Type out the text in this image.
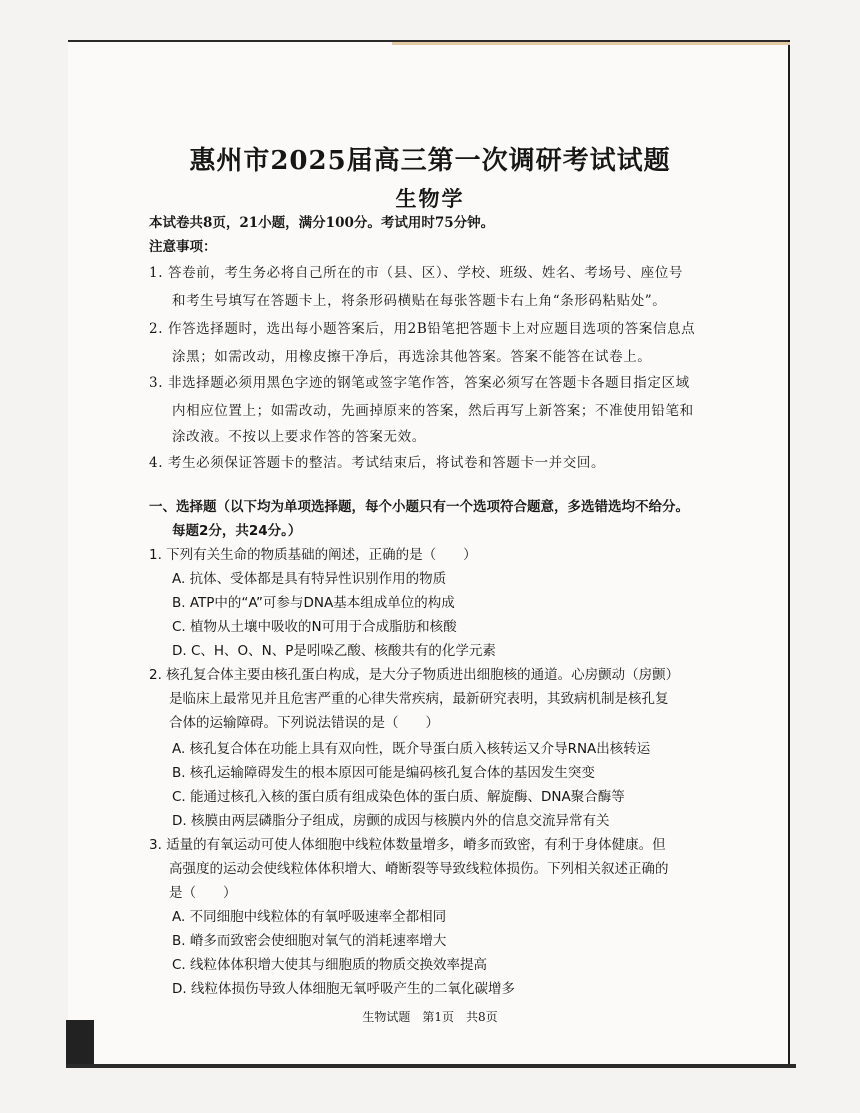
惠州市2025届高三第一次调研考试试题
生物学
本试卷共8页，21小题，满分100分。考试用时75分钟。
注意事项：
1. 答卷前，考生务必将自己所在的市（县、区）、学校、班级、姓名、考场号、座位号
和考生号填写在答题卡上，将条形码横贴在每张答题卡右上角“条形码粘贴处”。
2. 作答选择题时，选出每小题答案后，用2B铅笔把答题卡上对应题目选项的答案信息点
涂黑；如需改动，用橡皮擦干净后，再选涂其他答案。答案不能答在试卷上。
3. 非选择题必须用黑色字迹的钢笔或签字笔作答，答案必须写在答题卡各题目指定区域
内相应位置上；如需改动，先画掉原来的答案，然后再写上新答案；不准使用铅笔和
涂改液。不按以上要求作答的答案无效。
4. 考生必须保证答题卡的整洁。考试结束后，将试卷和答题卡一并交回。
一、选择题（以下均为单项选择题，每个小题只有一个选项符合题意，多选错选均不给分。
每题2分，共24分。）
1. 下列有关生命的物质基础的阐述，正确的是（　　）
A. 抗体、受体都是具有特异性识别作用的物质
B. ATP中的“A”可参与DNA基本组成单位的构成
C. 植物从土壤中吸收的N可用于合成脂肪和核酸
D. C、H、O、N、P是吲哚乙酸、核酸共有的化学元素
2. 核孔复合体主要由核孔蛋白构成，是大分子物质进出细胞核的通道。心房颤动（房颤）
是临床上最常见并且危害严重的心律失常疾病，最新研究表明，其致病机制是核孔复
合体的运输障碍。下列说法错误的是（　　）
A. 核孔复合体在功能上具有双向性，既介导蛋白质入核转运又介导RNA出核转运
B. 核孔运输障碍发生的根本原因可能是编码核孔复合体的基因发生突变
C. 能通过核孔入核的蛋白质有组成染色体的蛋白质、解旋酶、DNA聚合酶等
D. 核膜由两层磷脂分子组成，房颤的成因与核膜内外的信息交流异常有关
3. 适量的有氧运动可使人体细胞中线粒体数量增多，嵴多而致密，有利于身体健康。但
高强度的运动会使线粒体体积增大、嵴断裂等导致线粒体损伤。下列相关叙述正确的
是（　　）
A. 不同细胞中线粒体的有氧呼吸速率全都相同
B. 嵴多而致密会使细胞对氧气的消耗速率增大
C. 线粒体体积增大使其与细胞质的物质交换效率提高
D. 线粒体损伤导致人体细胞无氧呼吸产生的二氧化碳增多
生物试题　第1页　共8页
